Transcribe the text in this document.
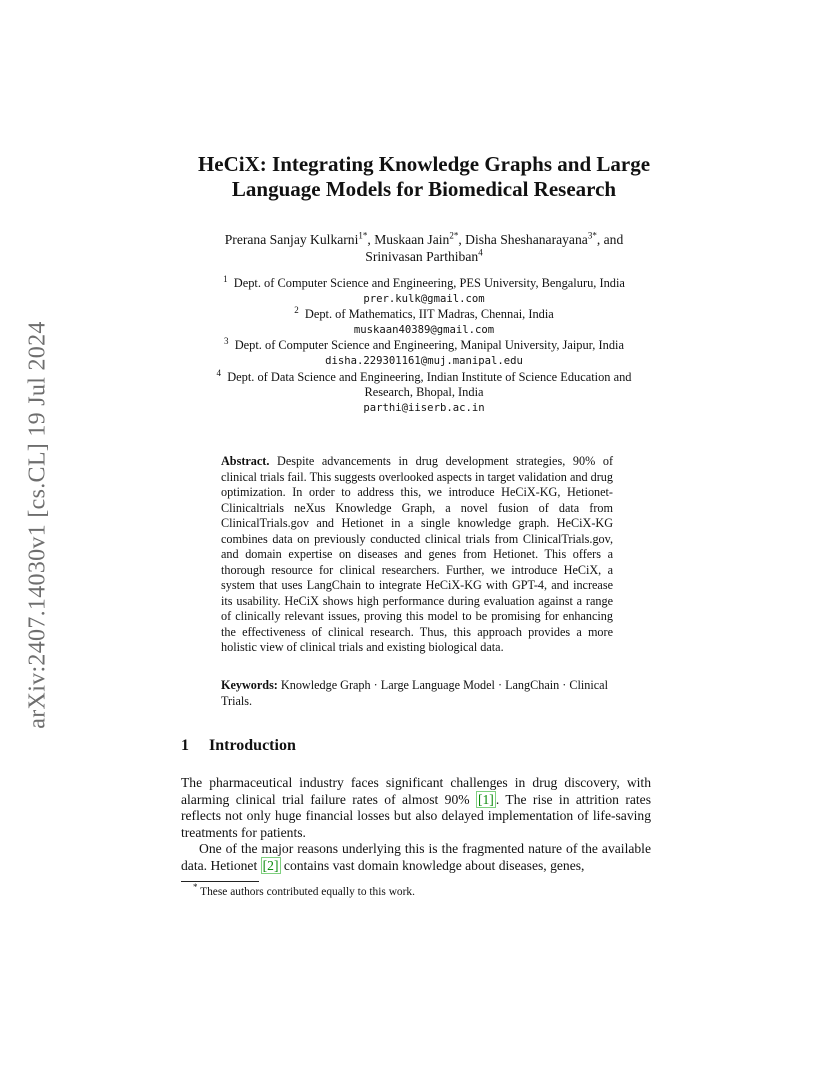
arXiv:2407.14030v1 [cs.CL] 19 Jul 2024
HeCiX: Integrating Knowledge Graphs and Large
Language Models for Biomedical Research
Prerana Sanjay Kulkarni$^{1*}$, Muskaan Jain$^{2*}$, Disha Sheshanarayana$^{3*}$, and
Srinivasan Parthiban$^4$
$^1$ Dept. of Computer Science and Engineering, PES University, Bengaluru, India
prer.kulk@gmail.com
$^2$ Dept. of Mathematics, IIT Madras, Chennai, India
muskaan40389@gmail.com
$^3$ Dept. of Computer Science and Engineering, Manipal University, Jaipur, India
disha.229301161@muj.manipal.edu
$^4$ Dept. of Data Science and Engineering, Indian Institute of Science Education and
Research, Bhopal, India
parthi@iiserb.ac.in
Abstract. Despite advancements in drug development strategies, 90% of clinical trials fail. This suggests overlooked aspects in target validation and drug optimization. In order to address this, we introduce HeCiX-KG, Hetionet-Clinicaltrials neXus Knowledge Graph, a novel fusion of data from ClinicalTrials.gov and Hetionet in a single knowledge graph. HeCiX-KG combines data on previously conducted clinical trials from ClinicalTrials.gov, and domain expertise on diseases and genes from Hetionet. This offers a thorough resource for clinical researchers. Further, we introduce HeCiX, a system that uses LangChain to integrate HeCiX-KG with GPT-4, and increase its usability. HeCiX shows high performance during evaluation against a range of clinically relevant issues, proving this model to be promising for enhancing the effectiveness of clinical research. Thus, this approach provides a more holistic view of clinical trials and existing biological data.
Keywords: Knowledge Graph · Large Language Model · LangChain · Clinical Trials.
1 Introduction

The pharmaceutical industry faces significant challenges in drug discovery, with alarming clinical trial failure rates of almost 90% [1] . The rise in attrition rates reflects not only huge financial losses but also delayed implementation of life-saving treatments for patients.

One of the major reasons underlying this is the fragmented nature of the available data. Hetionet [2] contains vast domain knowledge about diseases, genes,

* These authors contributed equally to this work.
